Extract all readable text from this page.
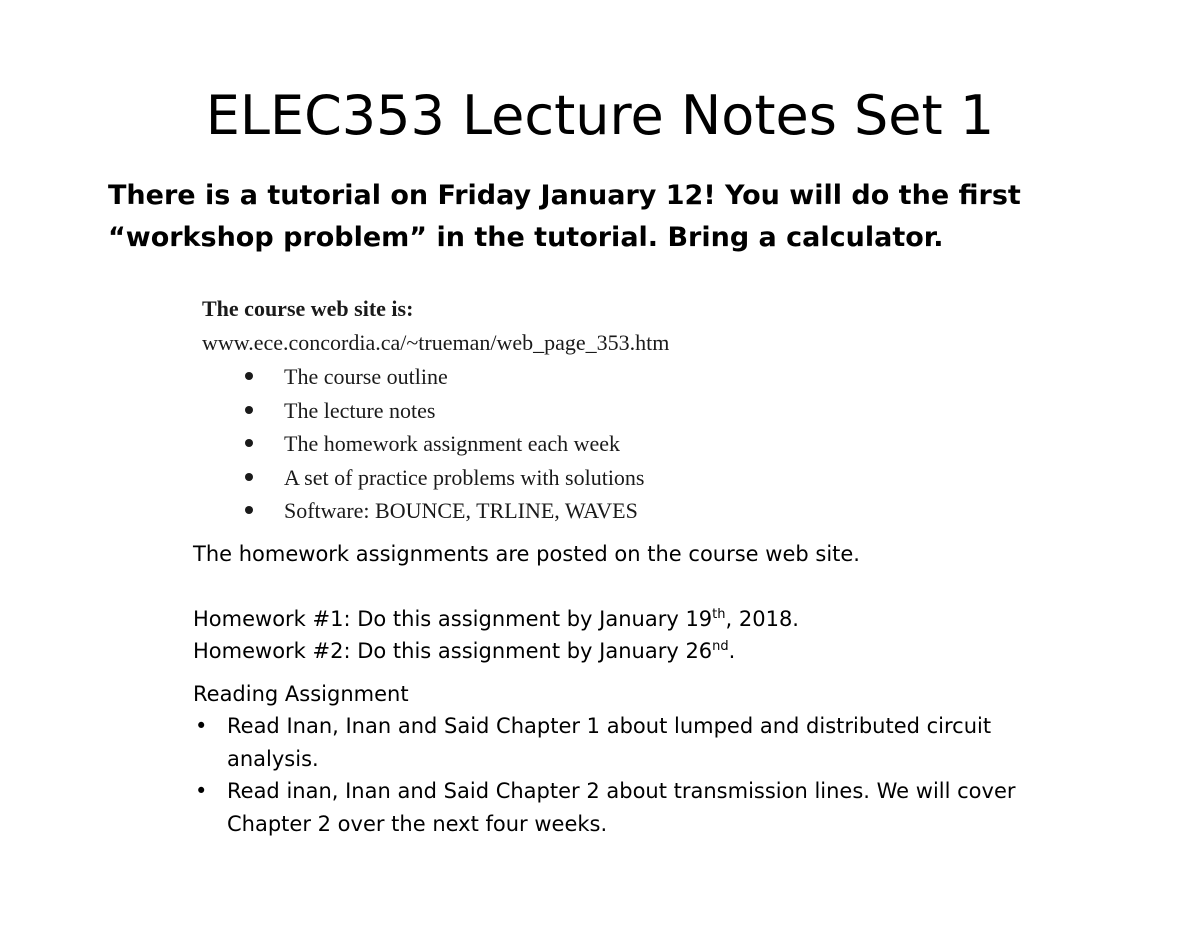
ELEC353 Lecture Notes Set 1

There is a tutorial on Friday January 12! You will do the first

“workshop problem” in the tutorial. Bring a calculator.

The course web site is:
www.ece.concordia.ca/~trueman/web_page_353.htm
The course outline
The lecture notes
The homework assignment each week
A set of practice problems with solutions
Software: BOUNCE, TRLINE, WAVES
The homework assignments are posted on the course web site.
Homework #1: Do this assignment by January 19th, 2018.
Homework #2: Do this assignment by January 26nd.
Reading Assignment
• Read Inan, Inan and Said Chapter 1 about lumped and distributed circuit analysis.
• Read inan, Inan and Said Chapter 2 about transmission lines. We will cover Chapter 2 over the next four weeks.
